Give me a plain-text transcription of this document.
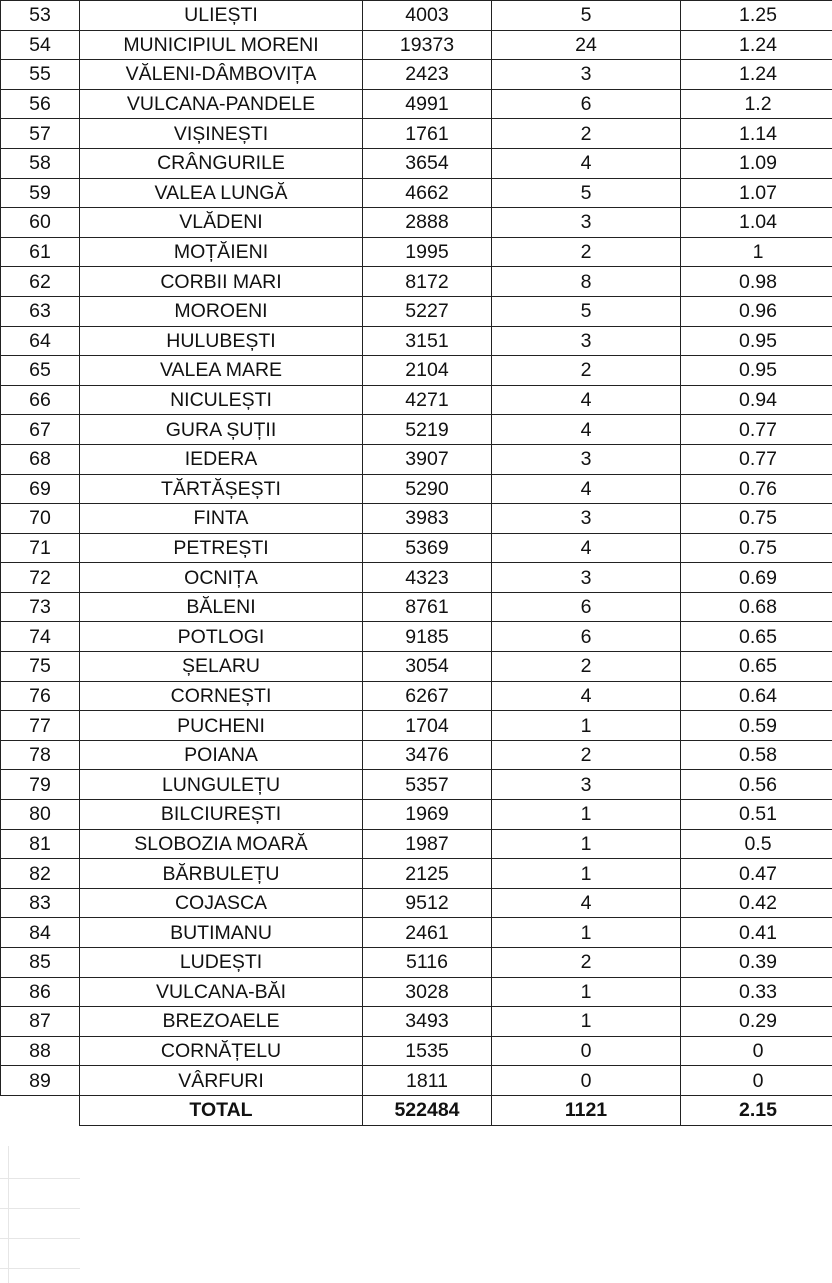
53	ULIEȘTI	4003	5	1.25
54	MUNICIPIUL MORENI	19373	24	1.24
55	VĂLENI-DÂMBOVIȚA	2423	3	1.24
56	VULCANA-PANDELE	4991	6	1.2
57	VIȘINEȘTI	1761	2	1.14
58	CRÂNGURILE	3654	4	1.09
59	VALEA LUNGĂ	4662	5	1.07
60	VLĂDENI	2888	3	1.04
61	MOȚĂIENI	1995	2	1
62	CORBII MARI	8172	8	0.98
63	MOROENI	5227	5	0.96
64	HULUBEȘTI	3151	3	0.95
65	VALEA MARE	2104	2	0.95
66	NICULEȘTI	4271	4	0.94
67	GURA ȘUȚII	5219	4	0.77
68	IEDERA	3907	3	0.77
69	TĂRTĂȘEȘTI	5290	4	0.76
70	FINTA	3983	3	0.75
71	PETREȘTI	5369	4	0.75
72	OCNIȚA	4323	3	0.69
73	BĂLENI	8761	6	0.68
74	POTLOGI	9185	6	0.65
75	ȘELARU	3054	2	0.65
76	CORNEȘTI	6267	4	0.64
77	PUCHENI	1704	1	0.59
78	POIANA	3476	2	0.58
79	LUNGULEȚU	5357	3	0.56
80	BILCIUREȘTI	1969	1	0.51
81	SLOBOZIA MOARĂ	1987	1	0.5
82	BĂRBULEȚU	2125	1	0.47
83	COJASCA	9512	4	0.42
84	BUTIMANU	2461	1	0.41
85	LUDEȘTI	5116	2	0.39
86	VULCANA-BĂI	3028	1	0.33
87	BREZOAELE	3493	1	0.29
88	CORNĂȚELU	1535	0	0
89	VÂRFURI	1811	0	0
	TOTAL	522484	1121	2.15
